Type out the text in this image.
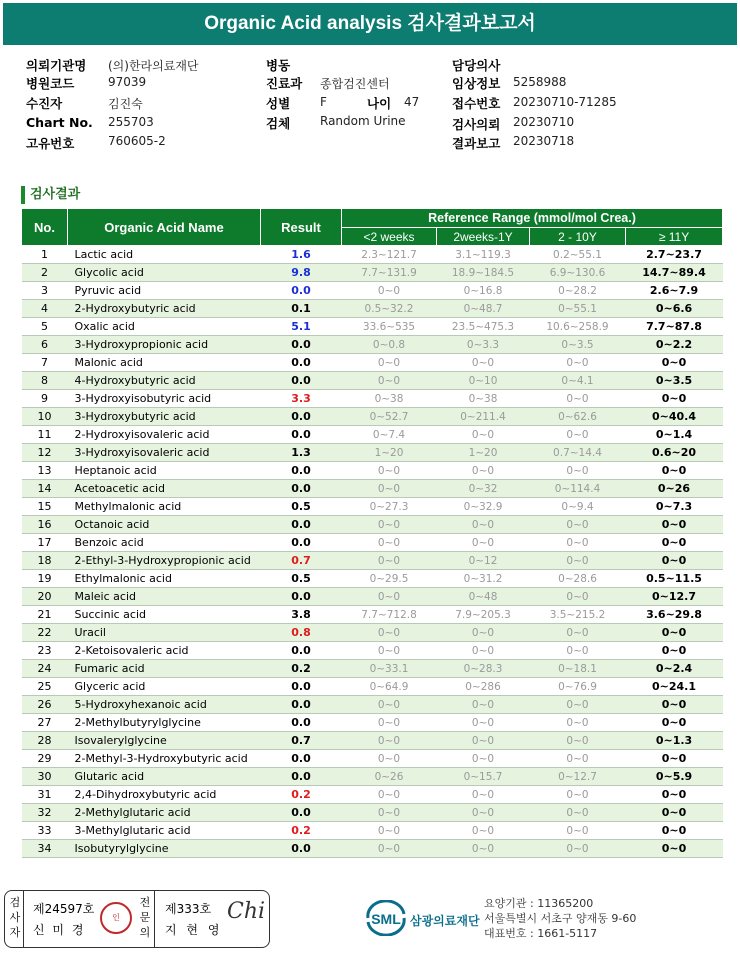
Organic Acid analysis 검사결과보고서
의뢰기관명 (의)한라의료재단
병원코드	97039
수진자	김진숙
Chart No. 255703
고유번호	760605-2
병동
진료과 종합검진센터
성별 F	나이 47
검체 Random Urine
담당의사
임상정보 5258988
접수번호 20230710-71285
검사의뢰 20230710
결과보고 20230718
검사결과
No.	Organic Acid Name	Result	Reference Range (mmol/mol Crea.)			
			<2 weeks	2weeks-1Y	2 - 10Y	≥ 11Y
1	Lactic acid	1.6	2.3~121.7	3.1~119.3	0.2~55.1	2.7~23.7
2	Glycolic acid	9.8	7.7~131.9	18.9~184.5	6.9~130.6	14.7~89.4
3	Pyruvic acid	0.0	0~0	0~16.8	0~28.2	2.6~7.9
4	2-Hydroxybutyric acid	0.1	0.5~32.2	0~48.7	0~55.1	0~6.6
5	Oxalic acid	5.1	33.6~535	23.5~475.3	10.6~258.9	7.7~87.8
6	3-Hydroxypropionic acid	0.0	0~0.8	0~3.3	0~3.5	0~2.2
7	Malonic acid	0.0	0~0	0~0	0~0	0~0
8	4-Hydroxybutyric acid	0.0	0~0	0~10	0~4.1	0~3.5
9	3-Hydroxyisobutyric acid	3.3	0~38	0~38	0~0	0~0
10	3-Hydroxybutyric acid	0.0	0~52.7	0~211.4	0~62.6	0~40.4
11	2-Hydroxyisovaleric acid	0.0	0~7.4	0~0	0~0	0~1.4
12	3-Hydroxyisovaleric acid	1.3	1~20	1~20	0.7~14.4	0.6~20
13	Heptanoic acid	0.0	0~0	0~0	0~0	0~0
14	Acetoacetic acid	0.0	0~0	0~32	0~114.4	0~26
15	Methylmalonic acid	0.5	0~27.3	0~32.9	0~9.4	0~7.3
16	Octanoic acid	0.0	0~0	0~0	0~0	0~0
17	Benzoic acid	0.0	0~0	0~0	0~0	0~0
18	2-Ethyl-3-Hydroxypropionic acid	0.7	0~0	0~12	0~0	0~0
19	Ethylmalonic acid	0.5	0~29.5	0~31.2	0~28.6	0.5~11.5
20	Maleic acid	0.0	0~0	0~48	0~0	0~12.7
21	Succinic acid	3.8	7.7~712.8	7.9~205.3	3.5~215.2	3.6~29.8
22	Uracil	0.8	0~0	0~0	0~0	0~0
23	2-Ketoisovaleric acid	0.0	0~0	0~0	0~0	0~0
24	Fumaric acid	0.2	0~33.1	0~28.3	0~18.1	0~2.4
25	Glyceric acid	0.0	0~64.9	0~286	0~76.9	0~24.1
26	5-Hydroxyhexanoic acid	0.0	0~0	0~0	0~0	0~0
27	2-Methylbutyrylglycine	0.0	0~0	0~0	0~0	0~0
28	Isovalerylglycine	0.7	0~0	0~0	0~0	0~1.3
29	2-Methyl-3-Hydroxybutyric acid	0.0	0~0	0~0	0~0	0~0
30	Glutaric acid	0.0	0~26	0~15.7	0~12.7	0~5.9
31	2,4-Dihydroxybutyric acid	0.2	0~0	0~0	0~0	0~0
32	2-Methylglutaric acid	0.0	0~0	0~0	0~0	0~0
33	3-Methylglutaric acid	0.2	0~0	0~0	0~0	0~0
34	Isobutyrylglycine	0.0	0~0	0~0	0~0	0~0
검
사
자
제24597호
신 미 경
인
전
문
의
제333호
지 현 영
Chi	SML 삼광의료재단
요양기관 : 11365200
서울특별시 서초구 양재동 9-60
대표번호 : 1661-5117
